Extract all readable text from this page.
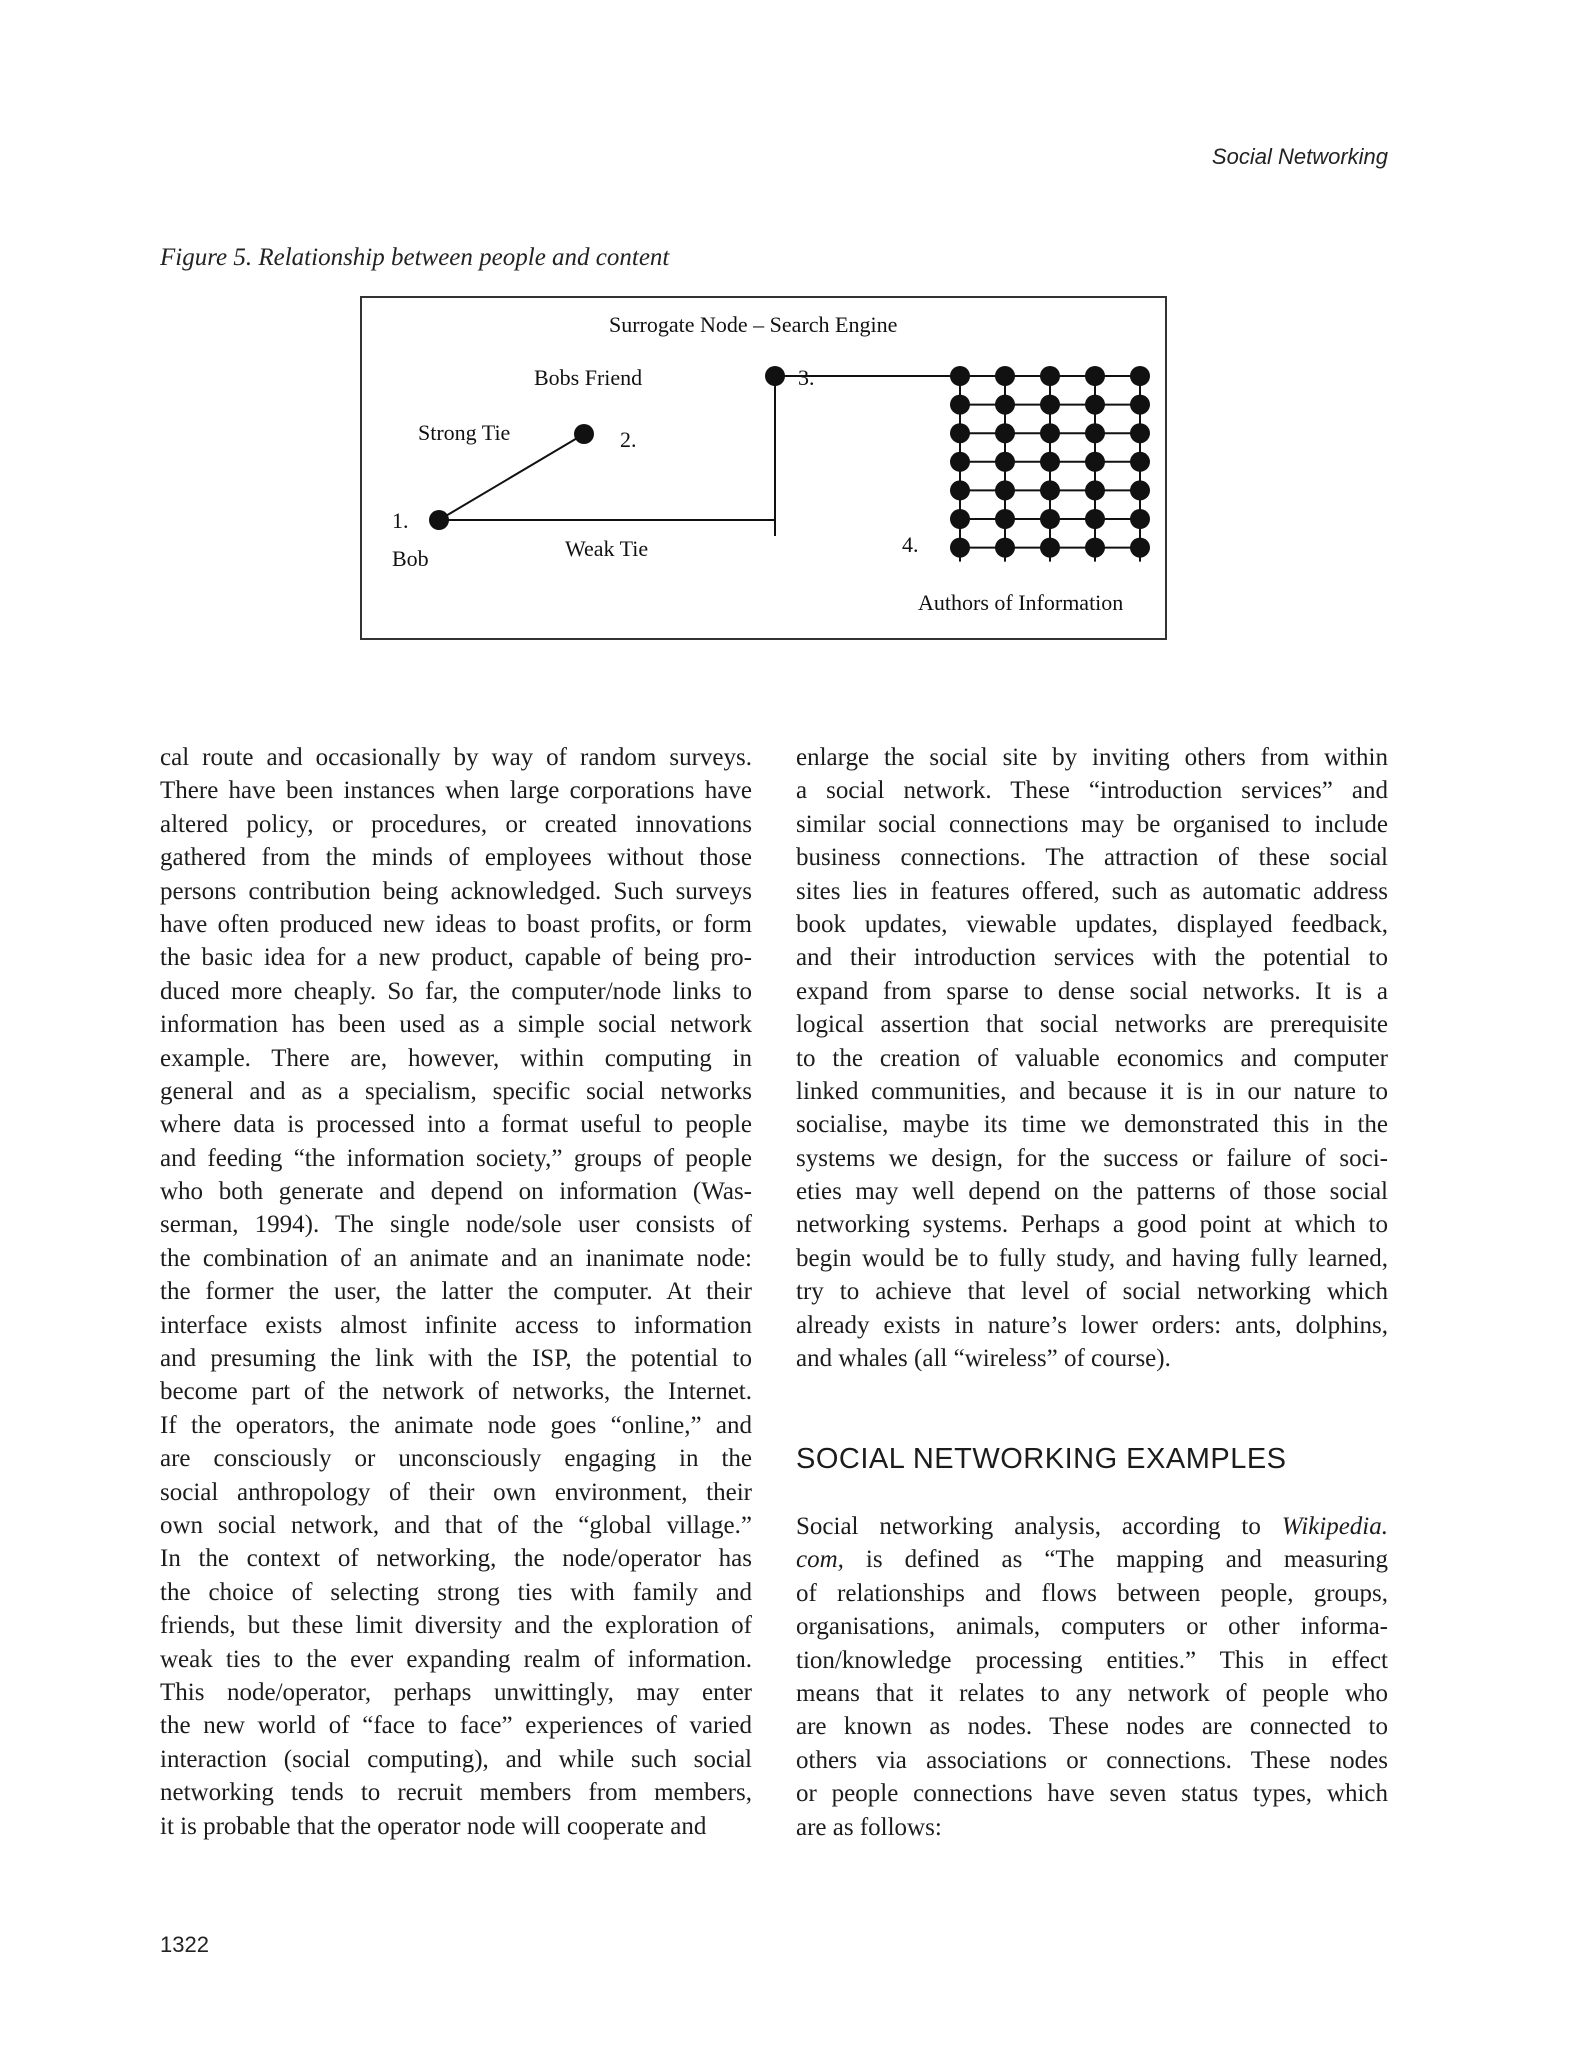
Social Networking
Figure 5. Relationship between people and content
Surrogate Node – Search Engine
Bobs Friend
Strong Tie	2.
3.
1.
Weak Tie
Bob
4.
Authors of Information
cal route and occasionally by way of random surveys.
There have been instances when large corporations have
altered policy, or procedures, or created innovations
gathered from the minds of employees without those
persons contribution being acknowledged. Such surveys
have often produced new ideas to boast profits, or form
the basic idea for a new product, capable of being pro-
duced more cheaply. So far, the computer/node links to
information has been used as a simple social network
example. There are, however, within computing in
general and as a specialism, specific social networks
where data is processed into a format useful to people
and feeding “the information society,” groups of people
who both generate and depend on information (Was-
serman, 1994). The single node/sole user consists of
the combination of an animate and an inanimate node:
the former the user, the latter the computer. At their
interface exists almost infinite access to information
and presuming the link with the ISP, the potential to
become part of the network of networks, the Internet.
If the operators, the animate node goes “online,” and
are consciously or unconsciously engaging in the
social anthropology of their own environment, their
own social network, and that of the “global village.”
In the context of networking, the node/operator has
the choice of selecting strong ties with family and
friends, but these limit diversity and the exploration of
weak ties to the ever expanding realm of information.
This node/operator, perhaps unwittingly, may enter
the new world of “face to face” experiences of varied
interaction (social computing), and while such social
networking tends to recruit members from members,
it is probable that the operator node will cooperate and
enlarge the social site by inviting others from within
a social network. These “introduction services” and
similar social connections may be organised to include
business connections. The attraction of these social
sites lies in features offered, such as automatic address
book updates, viewable updates, displayed feedback,
and their introduction services with the potential to
expand from sparse to dense social networks. It is a
logical assertion that social networks are prerequisite
to the creation of valuable economics and computer
linked communities, and because it is in our nature to
socialise, maybe its time we demonstrated this in the
systems we design, for the success or failure of soci-
eties may well depend on the patterns of those social
networking systems. Perhaps a good point at which to
begin would be to fully study, and having fully learned,
try to achieve that level of social networking which
already exists in nature’s lower orders: ants, dolphins,
and whales (all “wireless” of course).
SOCIAL NETWORKING EXAMPLES
Social networking analysis, according to Wikipedia.
com, is defined as “The mapping and measuring
of relationships and flows between people, groups,
organisations, animals, computers or other informa-
tion/knowledge processing entities.” This in effect
means that it relates to any network of people who
are known as nodes. These nodes are connected to
others via associations or connections. These nodes
or people connections have seven status types, which
are as follows:
1322
